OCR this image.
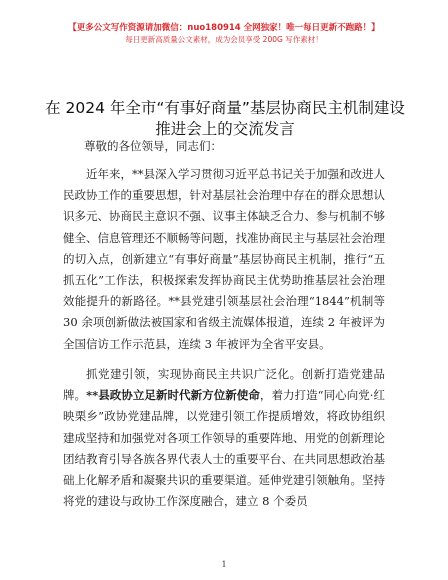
【更多公文写作资源请加微信：nuo180914 全网独家！唯一每日更新不跑路！】
每日更新高质量公文素材，成为会员享受 200G 写作素材！
在 2024 年全市“有事好商量”基层协商民主机制建设推进会上的交流发言
尊敬的各位领导，同志们：
近年来，**县深入学习贯彻习近平总书记关于加强和改进人民政协工作的重要思想，针对基层社会治理中存在的群众思想认识多元、协商民主意识不强、议事主体缺乏合力、参与机制不够健全、信息管理还不顺畅等问题，找准协商民主与基层社会治理的切入点，创新建立“有事好商量”基层协商民主机制，推行“五抓五化”工作法，积极探索发挥协商民主优势助推基层社会治理效能提升的新路径。**县党建引领基层社会治理“1844”机制等 30 余项创新做法被国家和省级主流媒体报道，连续 2 年被评为全国信访工作示范县，连续 3 年被评为全省平安县。
抓党建引领，实现协商民主共识广泛化。创新打造党建品牌。**县政协立足新时代新方位新使命，着力打造“同心向党·红映栗乡”政协党建品牌，以党建引领工作提质增效，将政协组织建成坚持和加强党对各项工作领导的重要阵地、用党的创新理论团结教育引导各族各界代表人士的重要平台、在共同思想政治基础上化解矛盾和凝聚共识的重要渠道。延伸党建引领触角。坚持将党的建设与政协工作深度融合，建立 8 个委员
1
